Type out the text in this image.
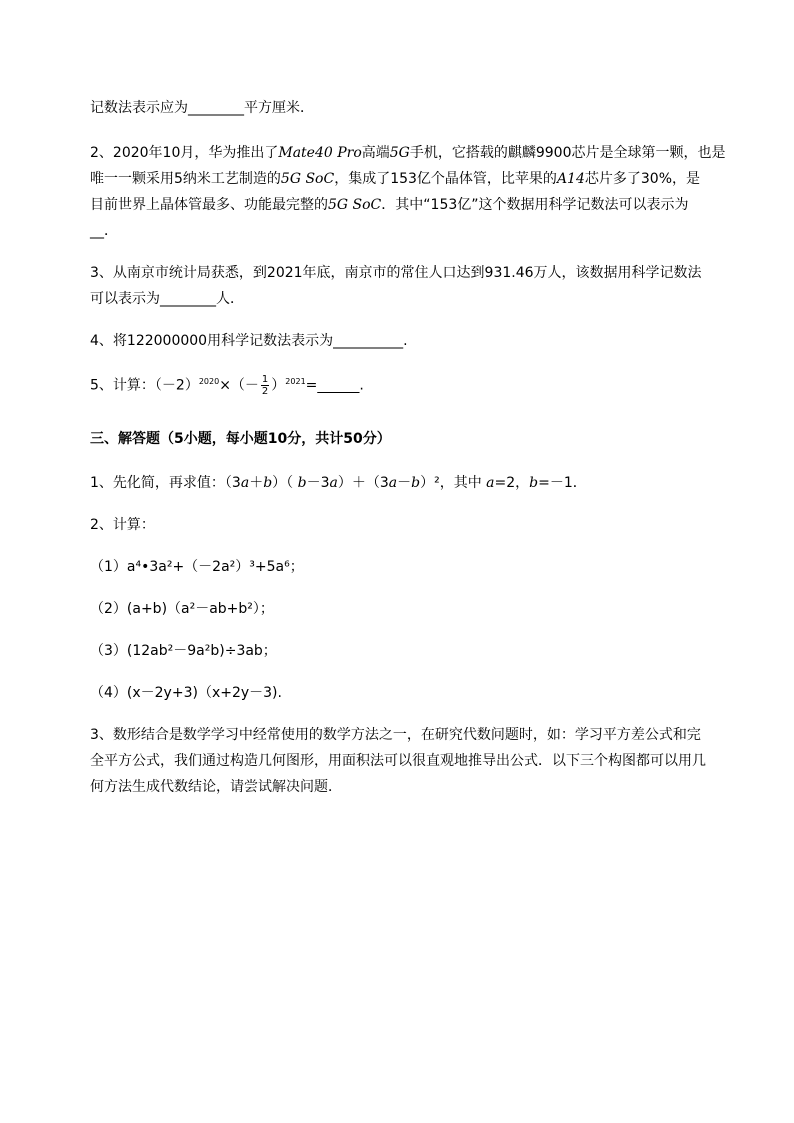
记数法表示应为________平方厘米．
2、2020年10月，华为推出了Mate40 Pro高端5G手机，它搭载的麒麟9900芯片是全球第一颗，也是
唯一一颗采用5纳米工艺制造的5G SoC，集成了153亿个晶体管，比苹果的A14芯片多了30%，是
目前世界上晶体管最多、功能最完整的5G SoC．其中“153亿”这个数据用科学记数法可以表示为
__．
3、从南京市统计局获悉，到2021年底，南京市的常住人口达到931.46万人，该数据用科学记数法
可以表示为________人．
4、将122000000用科学记数法表示为__________.
5、计算：$(-2)^{2020}\times(- \frac{1}{2}$ ）$^{2021}=\_\_\_\_\_\_$.
三、解答题（5小题，每小题10分，共计50分）
1、先化简，再求值：（3a＋b）（ b－3a）＋（3a－b）²，其中 a=2，b=－1．
2、计算：
（1）a⁴•3a²+（－2a²）³+5a⁶；
（2）(a+b)（a²－ab+b²）；
（3）(12ab²－9a²b)÷3ab；
（4）(x－2y+3)（x+2y－3).
3、数形结合是数学学习中经常使用的数学方法之一，在研究代数问题时，如：学习平方差公式和完
全平方公式，我们通过构造几何图形，用面积法可以很直观地推导出公式．以下三个构图都可以用几
何方法生成代数结论，请尝试解决问题．
